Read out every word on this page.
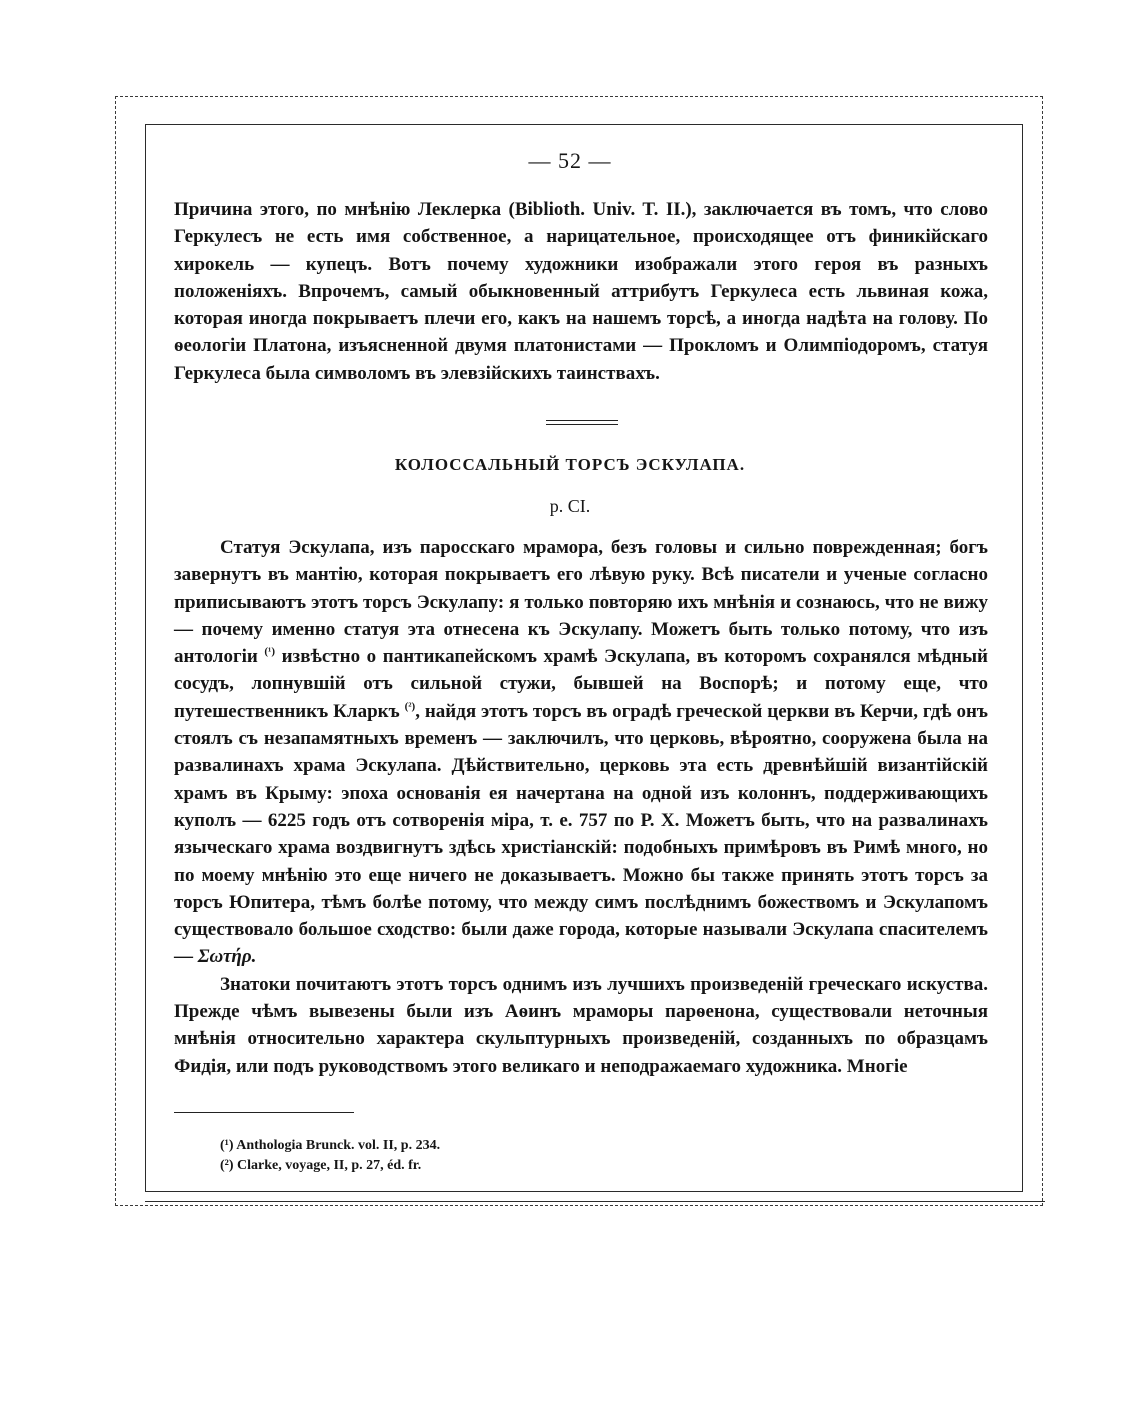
— 52 —

Причина этого, по мнѣнію Леклерка (Biblioth. Univ. T. II.), заключается въ томъ, что слово Геркулесъ не есть имя собственное, а нарицательное, происходящее отъ финикійскаго хирокель — купецъ. Вотъ почему художники изображали этого героя въ разныхъ положеніяхъ. Впрочемъ, самый обыкновенный аттрибутъ Геркулеса есть львиная кожа, которая иногда покрываетъ плечи его, какъ на нашемъ торсѣ, а иногда надѣта на голову. По ѳеологіи Платона, изъясненной двумя платонистами — Прокломъ и Олимпіодоромъ, статуя Геркулеса была символомъ въ элевзійскихъ таинствахъ.

КОЛОССАЛЬНЫЙ ТОРСЪ ЭСКУЛАПА.
р. CI.

Статуя Эскулапа, изъ паросскаго мрамора, безъ головы и сильно поврежденная; богъ завернутъ въ мантію, которая покрываетъ его лѣвую руку. Всѣ писатели и ученые согласно приписываютъ этотъ торсъ Эскулапу: я только повторяю ихъ мнѣнія и сознаюсь, что не вижу — почему именно статуя эта отнесена къ Эскулапу. Можетъ быть только потому, что изъ антологіи $^{(^1)}$ извѣстно о пантикапейскомъ храмѣ Эскулапа, въ которомъ сохранялся мѣдный сосудъ, лопнувшій отъ сильной стужи, бывшей на Воспорѣ; и потому еще, что путешественникъ Кларкъ $^{(^2)}$, найдя этотъ торсъ въ оградѣ греческой церкви въ Керчи, гдѣ онъ стоялъ съ незапамятныхъ временъ — заключилъ, что церковь, вѣроятно, сооружена была на развалинахъ храма Эскулапа. Дѣйствительно, церковь эта есть древнѣйшій византійскій храмъ въ Крыму: эпоха основанія ея начертана на одной изъ колоннъ, поддерживающихъ куполъ — 6225 годъ отъ сотворенія міра, т. е. 757 по Р. Х. Можетъ быть, что на развалинахъ языческаго храма воздвигнутъ здѣсь христіанскій: подобныхъ примѣровъ въ Римѣ много, но по моему мнѣнію это еще ничего не доказываетъ. Можно бы также принять этотъ торсъ за торсъ Юпитера, тѣмъ болѣе потому, что между симъ послѣднимъ божествомъ и Эскулапомъ существовало большое сходство: были даже города, которые называли Эскулапа спасителемъ — Σωτήρ.

Знатоки почитаютъ этотъ торсъ однимъ изъ лучшихъ произведеній греческаго искуства. Прежде чѣмъ вывезены были изъ Аѳинъ мраморы парѳенона, существовали неточныя мнѣнія относительно характера скульптурныхъ произведеній, созданныхъ по образцамъ Фидія, или подъ руководствомъ этого великаго и неподражаемаго художника. Многіе

(¹) Anthologia Brunck. vol. II, p. 234.
(²) Clarke, voyage, II, p. 27, éd. fr.
